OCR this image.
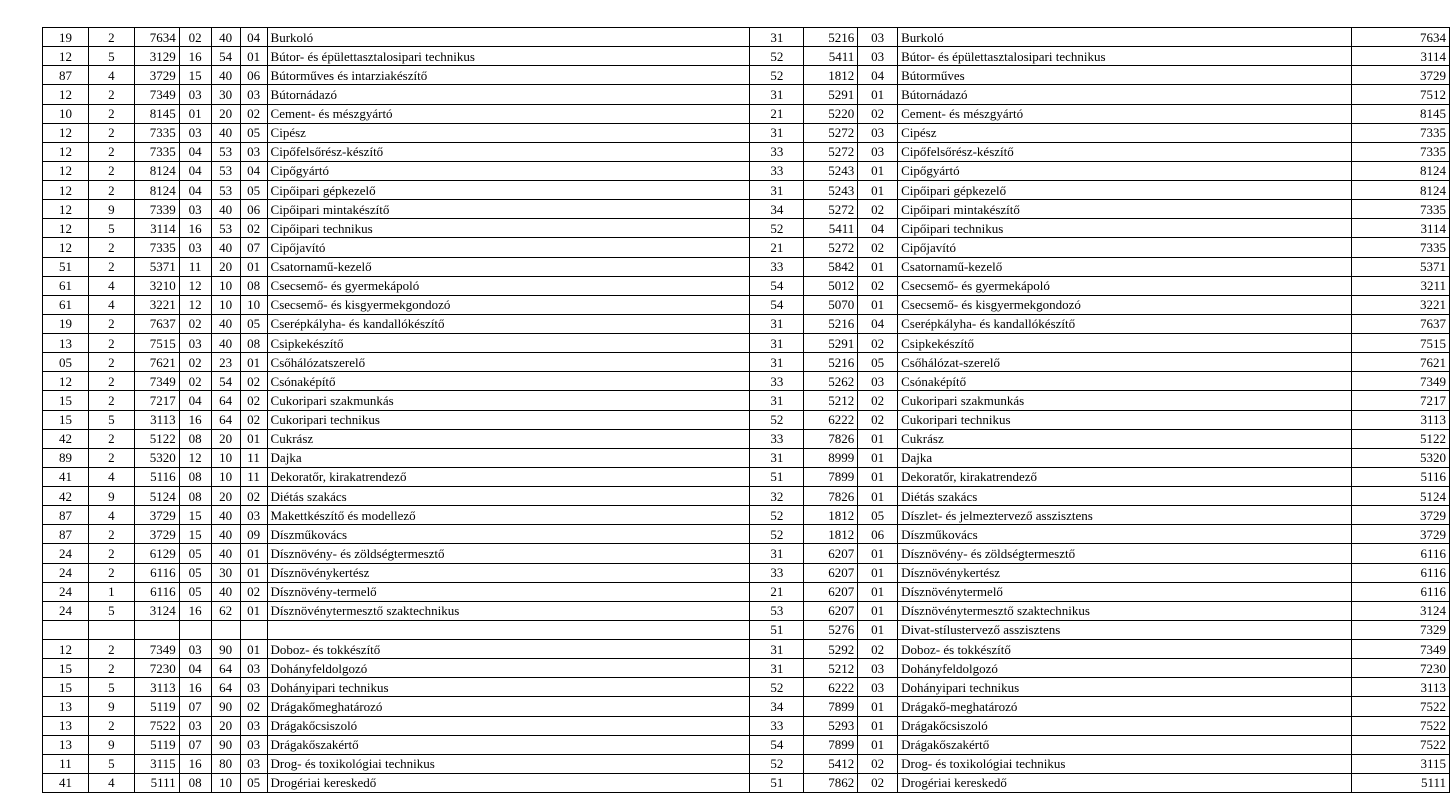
19	2	7634	02	40	04	Burkoló	31	5216	03	Burkoló	7634
12	5	3129	16	54	01	Bútor- és épülettasztalosipari technikus	52	5411	03	Bútor- és épülettasztalosipari technikus	3114
87	4	3729	15	40	06	Bútorműves és intarziakészítő	52	1812	04	Bútorműves	3729
12	2	7349	03	30	03	Bútornádazó	31	5291	01	Bútornádazó	7512
10	2	8145	01	20	02	Cement- és mészgyártó	21	5220	02	Cement- és mészgyártó	8145
12	2	7335	03	40	05	Cipész	31	5272	03	Cipész	7335
12	2	7335	04	53	03	Cipőfelsőrész-készítő	33	5272	03	Cipőfelsőrész-készítő	7335
12	2	8124	04	53	04	Cipőgyártó	33	5243	01	Cipőgyártó	8124
12	2	8124	04	53	05	Cipőipari gépkezelő	31	5243	01	Cipőipari gépkezelő	8124
12	9	7339	03	40	06	Cipőipari mintakészítő	34	5272	02	Cipőipari mintakészítő	7335
12	5	3114	16	53	02	Cipőipari technikus	52	5411	04	Cipőipari technikus	3114
12	2	7335	03	40	07	Cipőjavító	21	5272	02	Cipőjavító	7335
51	2	5371	11	20	01	Csatornamű-kezelő	33	5842	01	Csatornamű-kezelő	5371
61	4	3210	12	10	08	Csecsemő- és gyermekápoló	54	5012	02	Csecsemő- és gyermekápoló	3211
61	4	3221	12	10	10	Csecsemő- és kisgyermekgondozó	54	5070	01	Csecsemő- és kisgyermekgondozó	3221
19	2	7637	02	40	05	Cserépkályha- és kandallókészítő	31	5216	04	Cserépkályha- és kandallókészítő	7637
13	2	7515	03	40	08	Csipkekészítő	31	5291	02	Csipkekészítő	7515
05	2	7621	02	23	01	Csőhálózatszerelő	31	5216	05	Csőhálózat-szerelő	7621
12	2	7349	02	54	02	Csónaképítő	33	5262	03	Csónaképítő	7349
15	2	7217	04	64	02	Cukoripari szakmunkás	31	5212	02	Cukoripari szakmunkás	7217
15	5	3113	16	64	02	Cukoripari technikus	52	6222	02	Cukoripari technikus	3113
42	2	5122	08	20	01	Cukrász	33	7826	01	Cukrász	5122
89	2	5320	12	10	11	Dajka	31	8999	01	Dajka	5320
41	4	5116	08	10	11	Dekoratőr, kirakatrendező	51	7899	01	Dekoratőr, kirakatrendező	5116
42	9	5124	08	20	02	Diétás szakács	32	7826	01	Diétás szakács	5124
87	4	3729	15	40	03	Makettkészítő és modellező	52	1812	05	Díszlet- és jelmeztervező asszisztens	3729
87	2	3729	15	40	09	Díszműkovács	52	1812	06	Díszműkovács	3729
24	2	6129	05	40	01	Dísznövény- és zöldségtermesztő	31	6207	01	Dísznövény- és zöldségtermesztő	6116
24	2	6116	05	30	01	Dísznövénykertész	33	6207	01	Dísznövénykertész	6116
24	1	6116	05	40	02	Dísznövény-termelő	21	6207	01	Dísznövénytermelő	6116
24	5	3124	16	62	01	Dísznövénytermesztő szaktechnikus	53	6207	01	Dísznövénytermesztő szaktechnikus	3124
							51	5276	01	Divat-stílustervező asszisztens	7329
12	2	7349	03	90	01	Doboz- és tokkészítő	31	5292	02	Doboz- és tokkészítő	7349
15	2	7230	04	64	03	Dohányfeldolgozó	31	5212	03	Dohányfeldolgozó	7230
15	5	3113	16	64	03	Dohányipari technikus	52	6222	03	Dohányipari technikus	3113
13	9	5119	07	90	02	Drágakőmeghatározó	34	7899	01	Drágakő-meghatározó	7522
13	2	7522	03	20	03	Drágakőcsiszoló	33	5293	01	Drágakőcsiszoló	7522
13	9	5119	07	90	03	Drágakőszakértő	54	7899	01	Drágakőszakértő	7522
11	5	3115	16	80	03	Drog- és toxikológiai technikus	52	5412	02	Drog- és toxikológiai technikus	3115
41	4	5111	08	10	05	Drogériai kereskedő	51	7862	02	Drogériai kereskedő	5111
